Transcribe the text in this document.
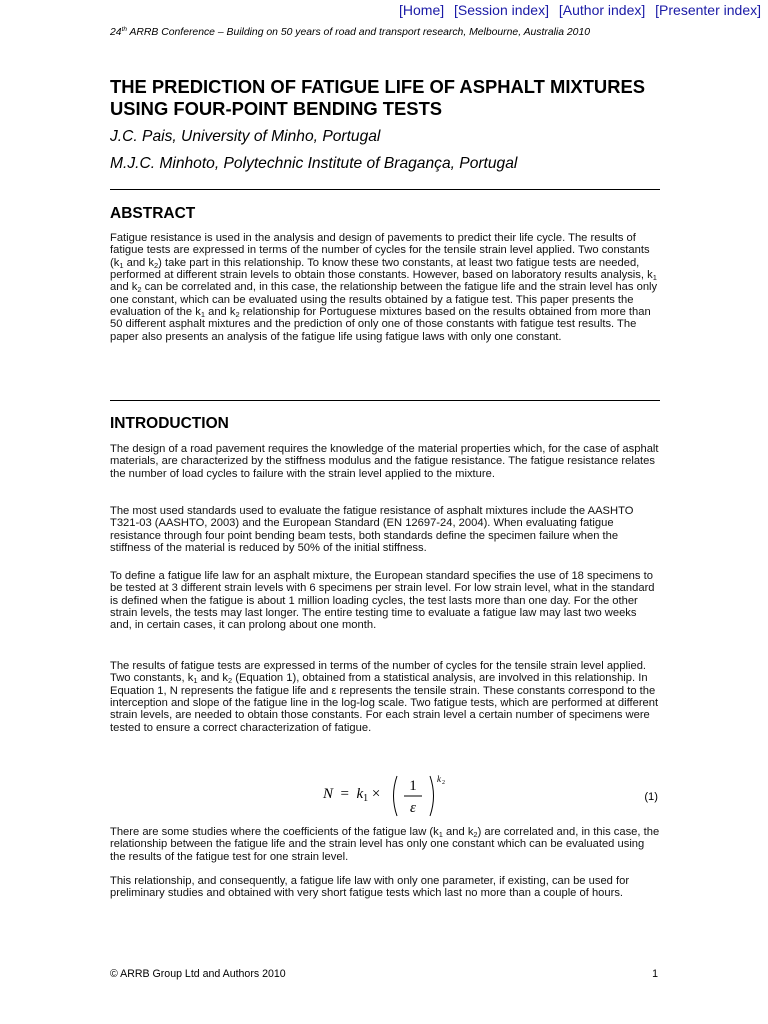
[Home] [Session index] [Author index] [Presenter index]
24th ARRB Conference – Building on 50 years of road and transport research, Melbourne, Australia 2010
THE PREDICTION OF FATIGUE LIFE OF ASPHALT MIXTURES USING FOUR-POINT BENDING TESTS

J.C. Pais, University of Minho, Portugal

M.J.C. Minhoto, Polytechnic Institute of Bragança, Portugal

ABSTRACT

Fatigue resistance is used in the analysis and design of pavements to predict their life cycle. The results of fatigue tests are expressed in terms of the number of cycles for the tensile strain level applied. Two constants ($k_1$ and $k_2$) take part in this relationship. To know these two constants, at least two fatigue tests are needed, performed at different strain levels to obtain those constants. However, based on laboratory results analysis, $k_1$ and $k_2$ can be correlated and, in this case, the relationship between the fatigue life and the strain level has only one constant, which can be evaluated using the results obtained by a fatigue test. This paper presents the evaluation of the $k_1$ and $k_2$ relationship for Portuguese mixtures based on the results obtained from more than 50 different asphalt mixtures and the prediction of only one of those constants with fatigue test results. The paper also presents an analysis of the fatigue life using fatigue laws with only one constant.

INTRODUCTION

The design of a road pavement requires the knowledge of the material properties which, for the case of asphalt materials, are characterized by the stiffness modulus and the fatigue resistance. The fatigue resistance relates the number of load cycles to failure with the strain level applied to the mixture.

The most used standards used to evaluate the fatigue resistance of asphalt mixtures include the AASHTO T321-03 (AASHTO, 2003) and the European Standard (EN 12697-24, 2004). When evaluating fatigue resistance through four point bending beam tests, both standards define the specimen failure when the stiffness of the material is reduced by 50% of the initial stiffness.

To define a fatigue life law for an asphalt mixture, the European standard specifies the use of 18 specimens to be tested at 3 different strain levels with 6 specimens per strain level. For low strain level, what in the standard is defined when the fatigue is about 1 million loading cycles, the test lasts more than one day. For the other strain levels, the tests may last longer. The entire testing time to evaluate a fatigue law may last two weeks and, in certain cases, it can prolong about one month.

The results of fatigue tests are expressed in terms of the number of cycles for the tensile strain level applied. Two constants, $k_1$ and $k_2$ (Equation 1), obtained from a statistical analysis, are involved in this relationship. In Equation 1, N represents the fatigue life and ε represents the tensile strain. These constants correspond to the interception and slope of the fatigue line in the log-log scale. Two fatigue tests, which are performed at different strain levels, are needed to obtain those constants. For each strain level a certain number of specimens were tested to ensure a correct characterization of fatigue.

$N = k_1 \times 1$
ε
k 2
(1)

There are some studies where the coefficients of the fatigue law ($k_1$ and $k_2$) are correlated and, in this case, the relationship between the fatigue life and the strain level has only one constant which can be evaluated using the results of the fatigue test for one strain level.

This relationship, and consequently, a fatigue life law with only one parameter, if existing, can be used for preliminary studies and obtained with very short fatigue tests which last no more than a couple of hours.

© ARRB Group Ltd and Authors 2010	1
